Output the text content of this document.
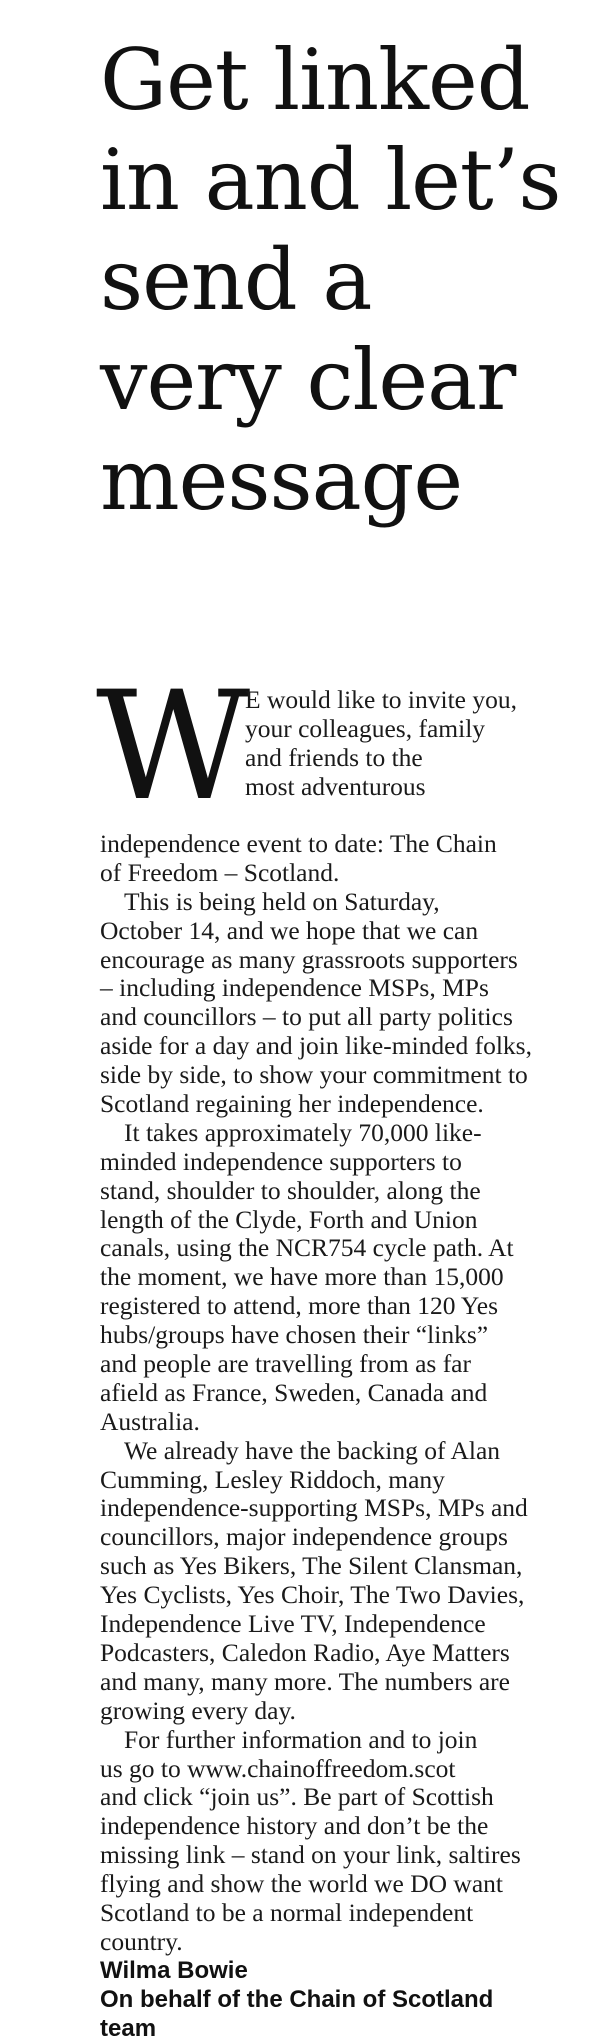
Get linked
in and let’s
send a
very clear
message
W
E would like to invite you,
your colleagues, family
and friends to the
most adventurous
independence event to date: The Chain
of Freedom – Scotland.
This is being held on Saturday,
October 14, and we hope that we can
encourage as many grassroots supporters
– including independence MSPs, MPs
and councillors – to put all party politics
aside for a day and join like-minded folks,
side by side, to show your commitment to
Scotland regaining her independence.
It takes approximately 70,000 like-
minded independence supporters to
stand, shoulder to shoulder, along the
length of the Clyde, Forth and Union
canals, using the NCR754 cycle path. At
the moment, we have more than 15,000
registered to attend, more than 120 Yes
hubs/groups have chosen their “links”
and people are travelling from as far
afield as France, Sweden, Canada and
Australia.
We already have the backing of Alan
Cumming, Lesley Riddoch, many
independence-supporting MSPs, MPs and
councillors, major independence groups
such as Yes Bikers, The Silent Clansman,
Yes Cyclists, Yes Choir, The Two Davies,
Independence Live TV, Independence
Podcasters, Caledon Radio, Aye Matters
and many, many more. The numbers are
growing every day.
For further information and to join
us go to www.chainoffreedom.scot
and click “join us”. Be part of Scottish
independence history and don’t be the
missing link – stand on your link, saltires
flying and show the world we DO want
Scotland to be a normal independent
country.
Wilma Bowie
On behalf of the Chain of Scotland
team
